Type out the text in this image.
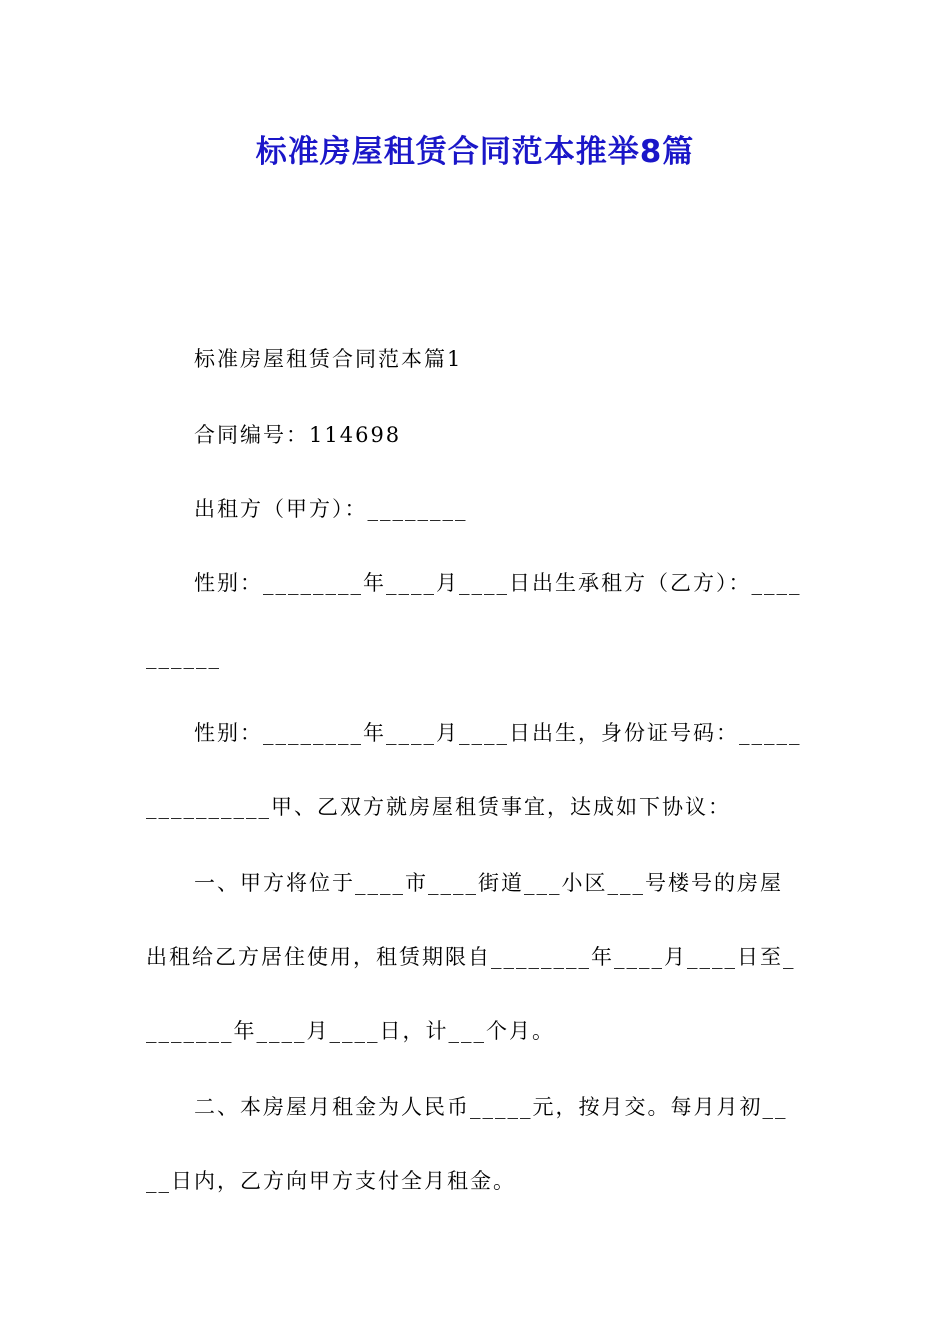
标准房屋租赁合同范本推举8篇
标准房屋租赁合同范本篇1
合同编号：114698
出租方（甲方）：________
性别：________年____月____日出生承租方（乙方）：____
______
性别：________年____月____日出生，身份证号码：_____
__________甲、乙双方就房屋租赁事宜，达成如下协议：
一、甲方将位于____市____街道___小区___号楼号的房屋
出租给乙方居住使用，租赁期限自________年____月____日至_
_______年____月____日，计___个月。
二、本房屋月租金为人民币_____元，按月交。每月月初__
__日内，乙方向甲方支付全月租金。
